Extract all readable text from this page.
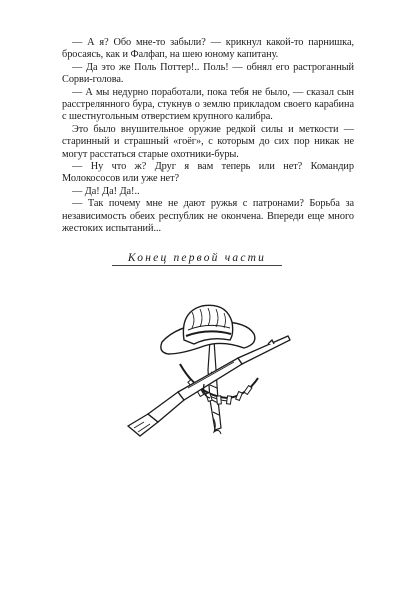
— А я? Обо мне-то забыли? — крикнул какой-то парнишка, бросаясь, как и Фалфап, на шею юному капитану.

— Да это же Поль Поттер!.. Поль! — обнял его растроганный Сорви-голова.

— А мы недурно поработали, пока тебя не было, — сказал сын расстрелянного бура, стукнув о землю прикладом своего карабина с шестнугольным отверстием крупного калибра.

Это было внушительное оружие редкой силы и меткости — старинный и страшный «гоёг», с которым до сих пор никак не могут расстаться старые охотники-буры.

— Ну что ж? Друг я вам теперь или нет? Командир Молокососов или уже нет?

— Да! Да! Да!..

— Так почему мне не дают ружья с патронами? Борьба за независимость обеих республик не окончена. Впереди еще много жестоких испытаний...

Конец первой части
